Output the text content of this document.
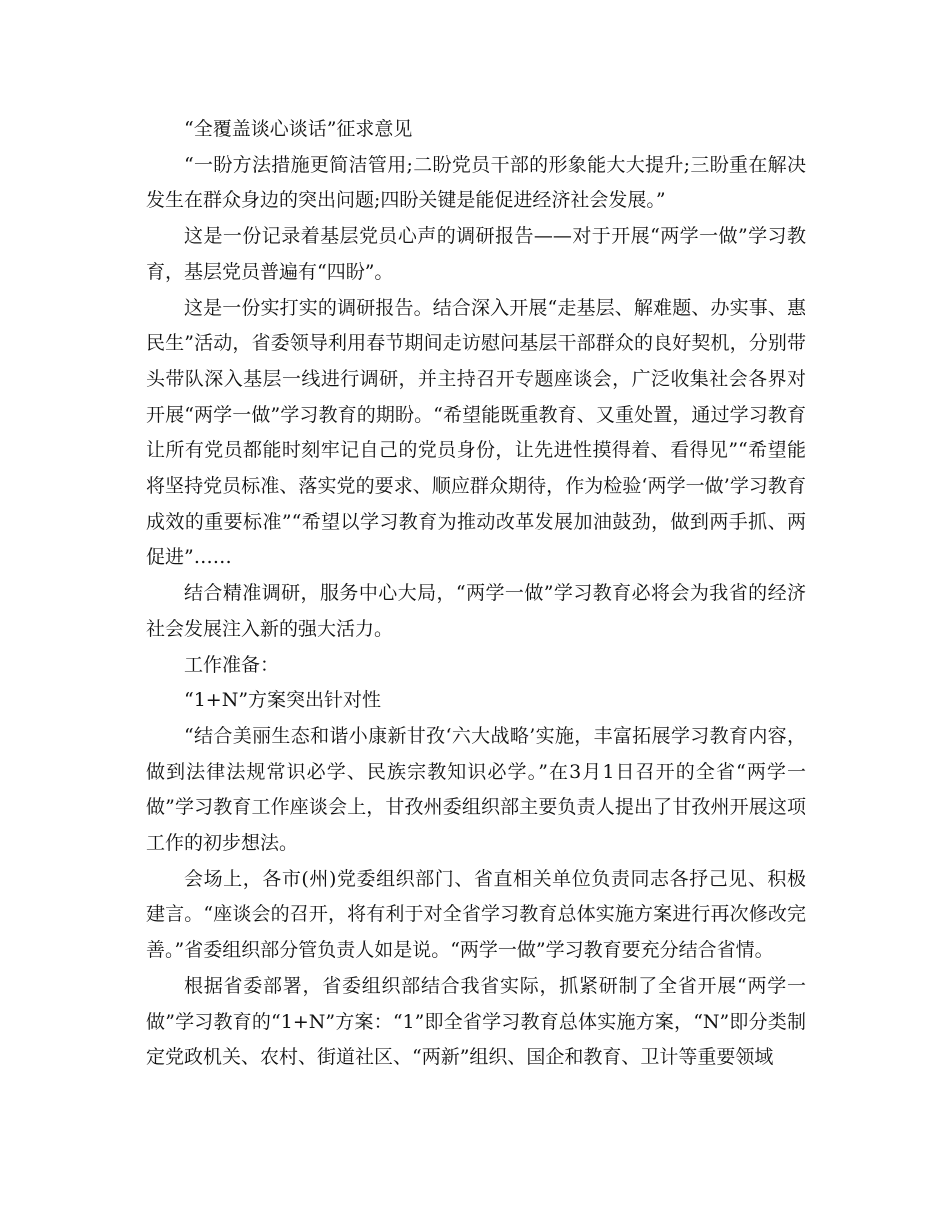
“全覆盖谈心谈话”征求意见

“一盼方法措施更简洁管用;二盼党员干部的形象能大大提升;三盼重在解决发生在群众身边的突出问题;四盼关键是能促进经济社会发展。”

这是一份记录着基层党员心声的调研报告——对于开展“两学一做”学习教育，基层党员普遍有“四盼”。

这是一份实打实的调研报告。结合深入开展“走基层、解难题、办实事、惠民生”活动，省委领导利用春节期间走访慰问基层干部群众的良好契机，分别带头带队深入基层一线进行调研，并主持召开专题座谈会，广泛收集社会各界对开展“两学一做”学习教育的期盼。“希望能既重教育、又重处置，通过学习教育让所有党员都能时刻牢记自己的党员身份，让先进性摸得着、看得见”“希望能将坚持党员标准、落实党的要求、顺应群众期待，作为检验‘两学一做’学习教育成效的重要标准”“希望以学习教育为推动改革发展加油鼓劲，做到两手抓、两促进”……

结合精准调研，服务中心大局，“两学一做”学习教育必将会为我省的经济社会发展注入新的强大活力。

工作准备：

“1+N”方案突出针对性

“结合美丽生态和谐小康新甘孜‘六大战略’实施，丰富拓展学习教育内容，做到法律法规常识必学、民族宗教知识必学。”在3月1日召开的全省“两学一做”学习教育工作座谈会上，甘孜州委组织部主要负责人提出了甘孜州开展这项工作的初步想法。

会场上，各市(州)党委组织部门、省直相关单位负责同志各抒己见、积极建言。“座谈会的召开，将有利于对全省学习教育总体实施方案进行再次修改完善。”省委组织部分管负责人如是说。“两学一做”学习教育要充分结合省情。

根据省委部署，省委组织部结合我省实际，抓紧研制了全省开展“两学一做”学习教育的“1+N”方案：“1”即全省学习教育总体实施方案，“N”即分类制定党政机关、农村、街道社区、“两新”组织、国企和教育、卫计等重要领域
